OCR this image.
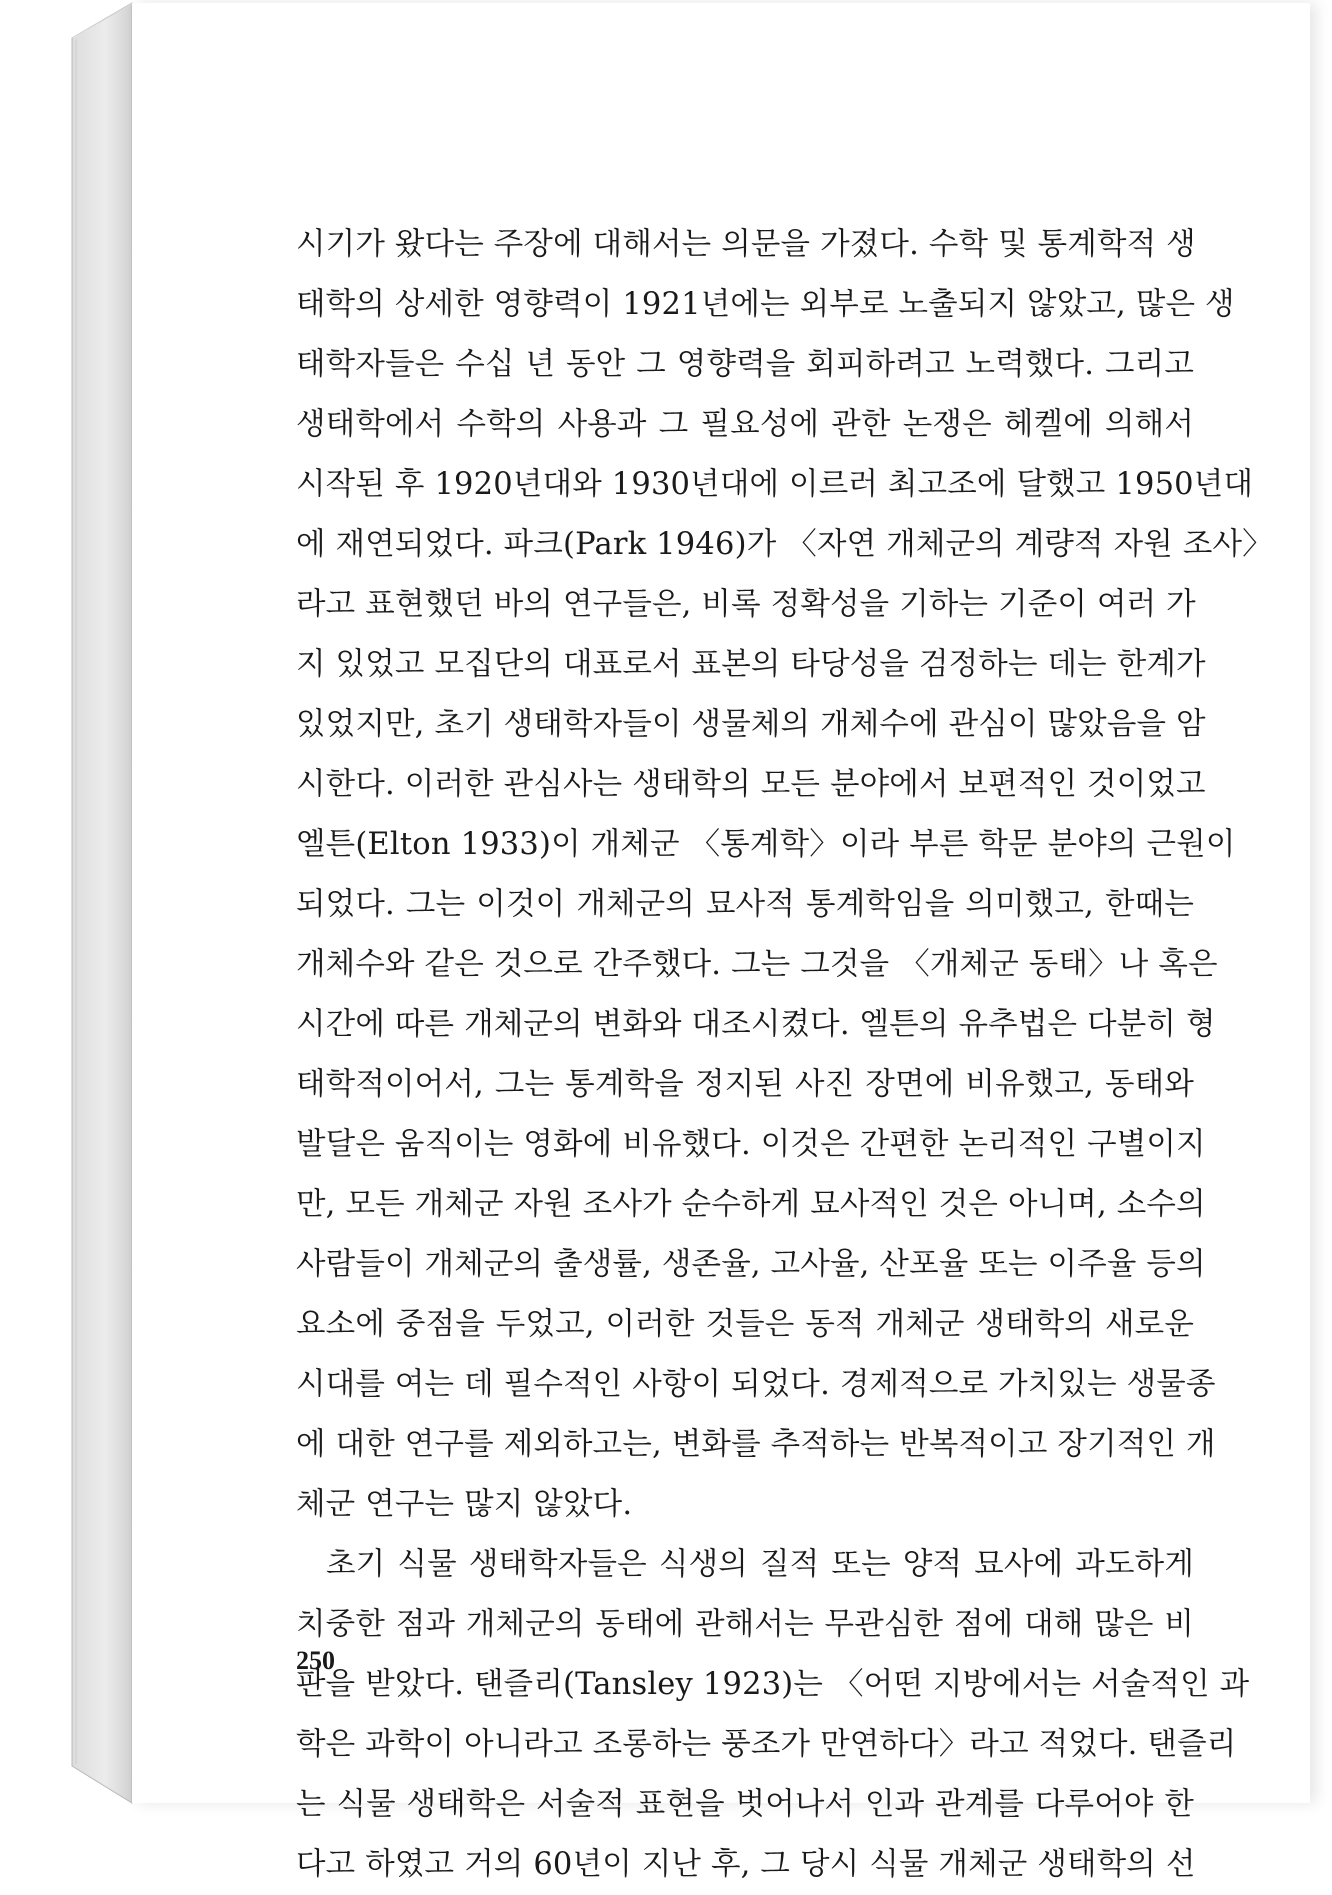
시기가 왔다는 주장에 대해서는 의문을 가졌다. 수학 및 통계학적 생
태학의 상세한 영향력이 1921년에는 외부로 노출되지 않았고, 많은 생
태학자들은 수십 년 동안 그 영향력을 회피하려고 노력했다. 그리고
생태학에서 수학의 사용과 그 필요성에 관한 논쟁은 헤켈에 의해서
시작된 후 1920년대와 1930년대에 이르러 최고조에 달했고 1950년대
에 재연되었다. 파크(Park 1946)가 〈자연 개체군의 계량적 자원 조사〉
라고 표현했던 바의 연구들은, 비록 정확성을 기하는 기준이 여러 가
지 있었고 모집단의 대표로서 표본의 타당성을 검정하는 데는 한계가
있었지만, 초기 생태학자들이 생물체의 개체수에 관심이 많았음을 암
시한다. 이러한 관심사는 생태학의 모든 분야에서 보편적인 것이었고
엘튼(Elton 1933)이 개체군 〈통계학〉이라 부른 학문 분야의 근원이
되었다. 그는 이것이 개체군의 묘사적 통계학임을 의미했고, 한때는
개체수와 같은 것으로 간주했다. 그는 그것을 〈개체군 동태〉나 혹은
시간에 따른 개체군의 변화와 대조시켰다. 엘튼의 유추법은 다분히 형
태학적이어서, 그는 통계학을 정지된 사진 장면에 비유했고, 동태와
발달은 움직이는 영화에 비유했다. 이것은 간편한 논리적인 구별이지
만, 모든 개체군 자원 조사가 순수하게 묘사적인 것은 아니며, 소수의
사람들이 개체군의 출생률, 생존율, 고사율, 산포율 또는 이주율 등의
요소에 중점을 두었고, 이러한 것들은 동적 개체군 생태학의 새로운
시대를 여는 데 필수적인 사항이 되었다. 경제적으로 가치있는 생물종
에 대한 연구를 제외하고는, 변화를 추적하는 반복적이고 장기적인 개
체군 연구는 많지 않았다.
초기 식물 생태학자들은 식생의 질적 또는 양적 묘사에 과도하게
치중한 점과 개체군의 동태에 관해서는 무관심한 점에 대해 많은 비
판을 받았다. 탠즐리(Tansley 1923)는 〈어떤 지방에서는 서술적인 과
학은 과학이 아니라고 조롱하는 풍조가 만연하다〉라고 적었다. 탠즐리
는 식물 생태학은 서술적 표현을 벗어나서 인과 관계를 다루어야 한
다고 하였고 거의 60년이 지난 후, 그 당시 식물 개체군 생태학의 선
250
